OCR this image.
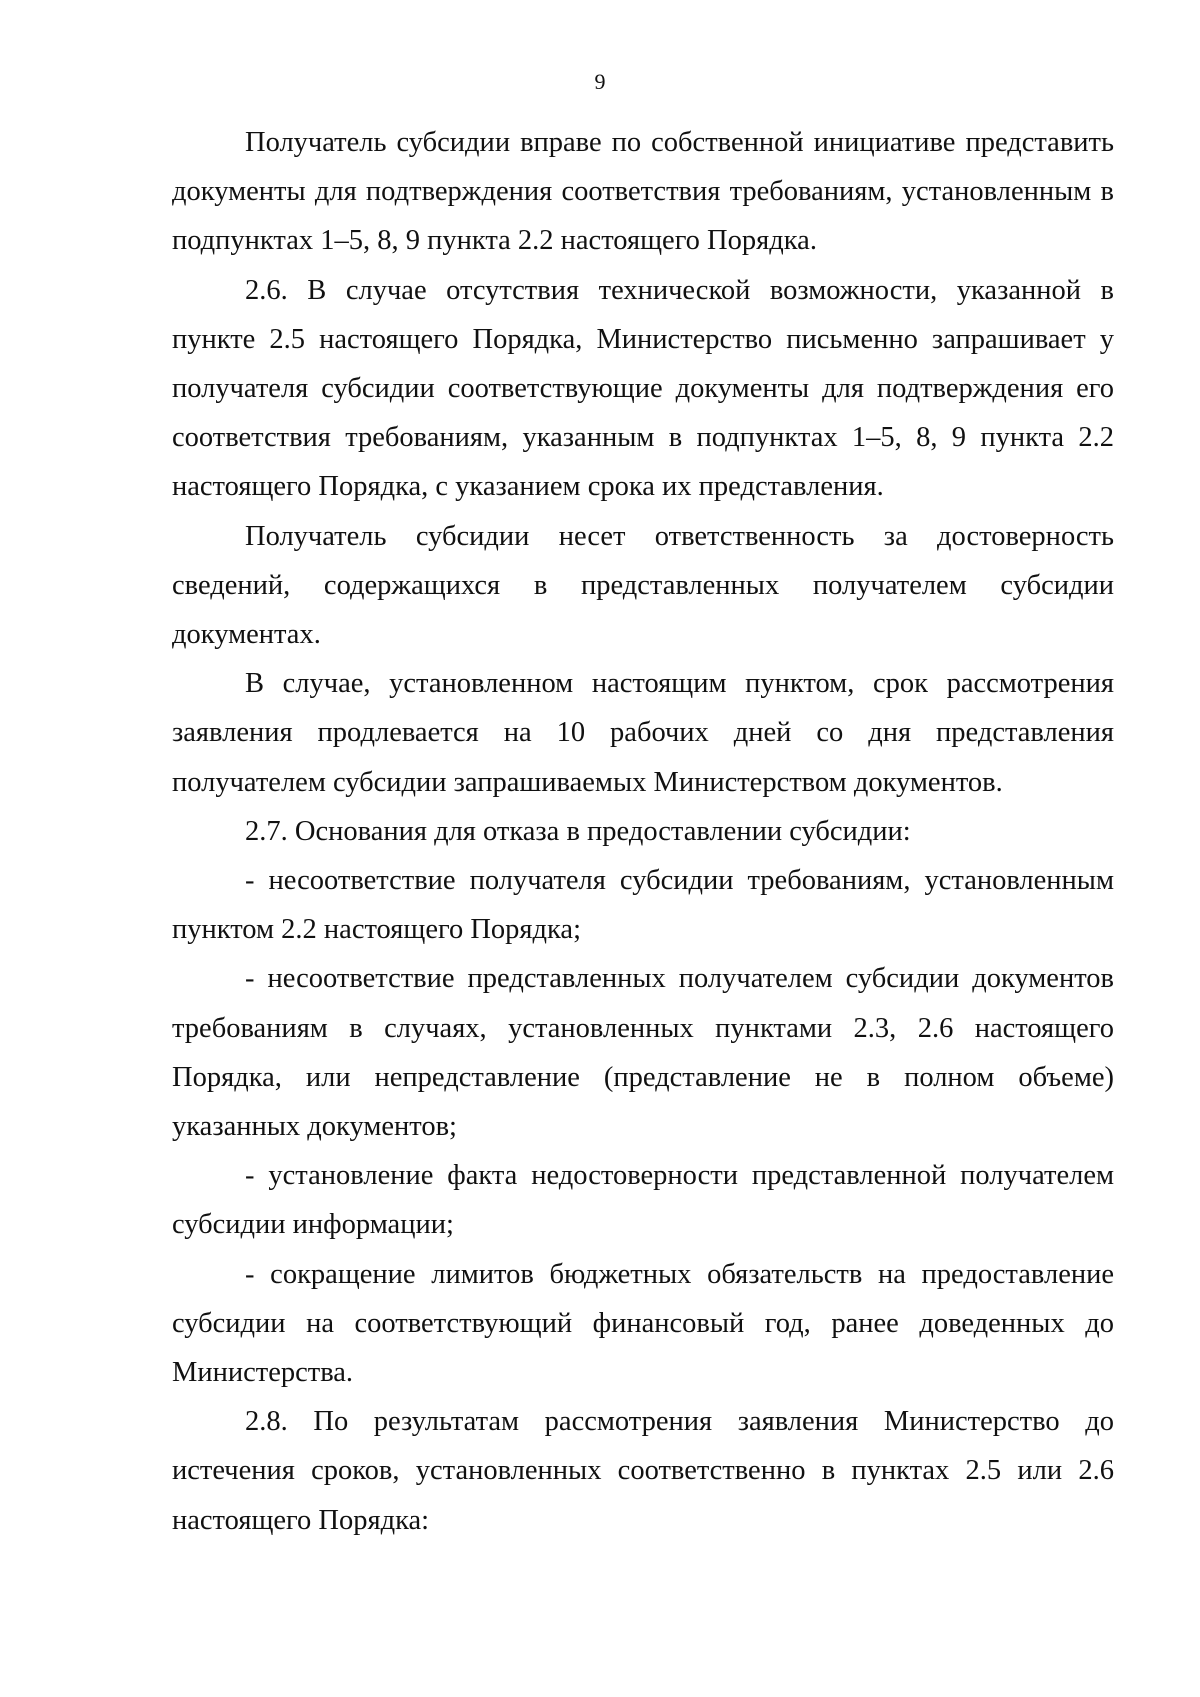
9

Получатель субсидии вправе по собственной инициативе представить документы для подтверждения соответствия требованиям, установленным в подпунктах 1–5, 8, 9 пункта 2.2 настоящего Порядка.

2.6. В случае отсутствия технической возможности, указанной в пункте 2.5 настоящего Порядка, Министерство письменно запрашивает у получателя субсидии соответствующие документы для подтверждения его соответствия требованиям, указанным в подпунктах 1–5, 8, 9 пункта 2.2 настоящего Порядка, с указанием срока их представления.

Получатель субсидии несет ответственность за достоверность сведений, содержащихся в представленных получателем субсидии документах.

В случае, установленном настоящим пунктом, срок рассмотрения заявления продлевается на 10 рабочих дней со дня представления получателем субсидии запрашиваемых Министерством документов.

2.7. Основания для отказа в предоставлении субсидии:

- несоответствие получателя субсидии требованиям, установленным пунктом 2.2 настоящего Порядка;

- несоответствие представленных получателем субсидии документов требованиям в случаях, установленных пунктами 2.3, 2.6 настоящего Порядка, или непредставление (представление не в полном объеме) указанных документов;

- установление факта недостоверности представленной получателем субсидии информации;

- сокращение лимитов бюджетных обязательств на предоставление субсидии на соответствующий финансовый год, ранее доведенных до Министерства.

2.8. По результатам рассмотрения заявления Министерство до истечения сроков, установленных соответственно в пунктах 2.5 или 2.6 настоящего Порядка:
